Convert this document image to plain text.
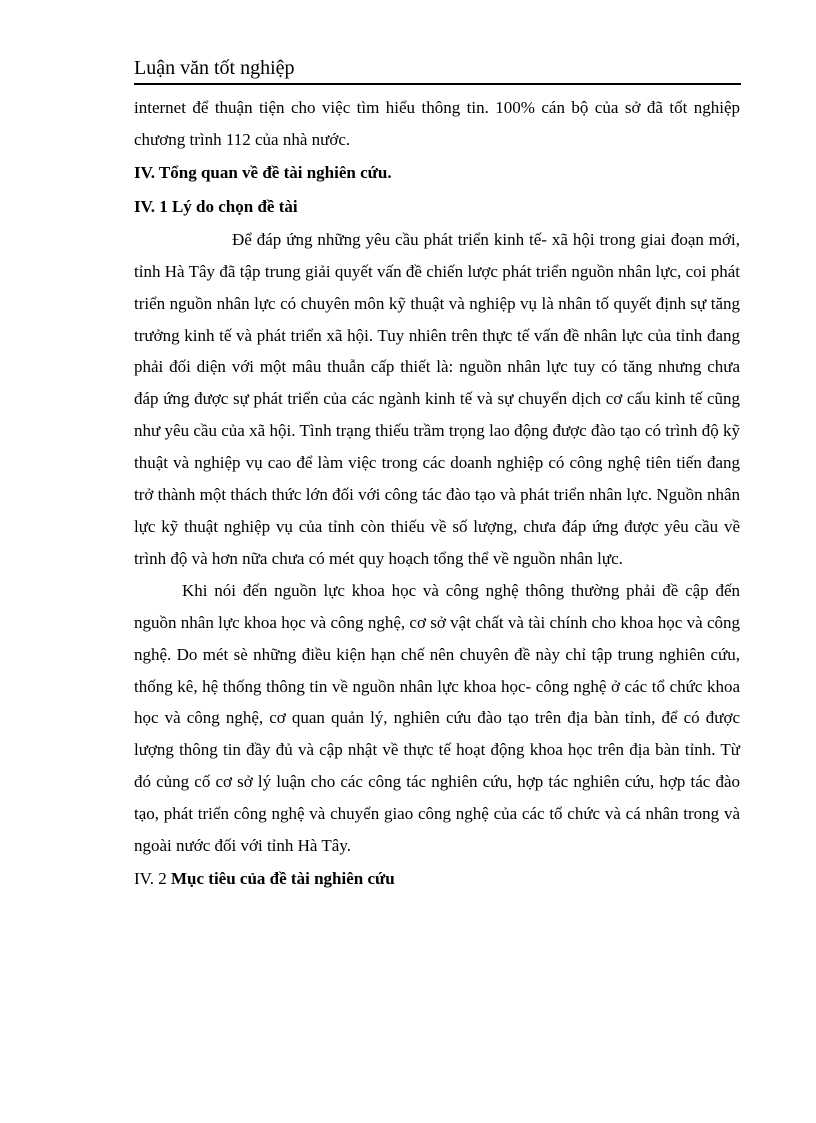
Luận văn tốt nghiệp

internet để thuận tiện cho việc tìm hiểu thông tin. 100% cán bộ của sở đã tốt nghiệp chương trình 112 của nhà nước.

IV. Tổng quan về đề tài nghiên cứu.
IV. 1 Lý do chọn đề tài

Để đáp ứng những yêu cầu phát triển kinh tế- xã hội trong giai đoạn mới, tỉnh Hà Tây đã tập trung giải quyết vấn đề chiến lược phát triển nguồn nhân lực, coi phát triển nguồn nhân lực có chuyên môn kỹ thuật và nghiệp vụ là nhân tố quyết định sự tăng trưởng kinh tế và phát triển xã hội. Tuy nhiên trên thực tế vấn đề nhân lực của tỉnh đang phải đối diện với một mâu thuẫn cấp thiết là: nguồn nhân lực tuy có tăng nhưng chưa đáp ứng được sự phát triển của các ngành kinh tế và sự chuyển dịch cơ cấu kinh tế cũng như yêu cầu của xã hội. Tình trạng thiếu trầm trọng lao động được đào tạo có trình độ kỹ thuật và nghiệp vụ cao để làm việc trong các doanh nghiệp có công nghệ tiên tiến đang trở thành một thách thức lớn đối với công tác đào tạo và phát triển nhân lực. Nguồn nhân lực kỹ thuật nghiệp vụ của tỉnh còn thiếu về số lượng, chưa đáp ứng được yêu cầu về trình độ và hơn nữa chưa có mét quy hoạch tổng thể về nguồn nhân lực.

Khi nói đến nguồn lực khoa học và công nghệ thông thường phải đề cập đến nguồn nhân lực khoa học và công nghệ, cơ sở vật chất và tài chính cho khoa học và công nghệ. Do mét sè những điều kiện hạn chế nên chuyên đề này chỉ tập trung nghiên cứu, thống kê, hệ thống thông tin về nguồn nhân lực khoa học- công nghệ ở các tổ chức khoa học và công nghệ, cơ quan quản lý, nghiên cứu đào tạo trên địa bàn tỉnh, để có được lượng thông tin đầy đủ và cập nhật về thực tế hoạt động khoa học trên địa bàn tỉnh. Từ đó củng cố cơ sở lý luận cho các công tác nghiên cứu, hợp tác nghiên cứu, hợp tác đào tạo, phát triển công nghệ và chuyển giao công nghệ của các tổ chức và cá nhân trong và ngoài nước đối với tỉnh Hà Tây.

IV. 2 Mục tiêu của đề tài nghiên cứu
